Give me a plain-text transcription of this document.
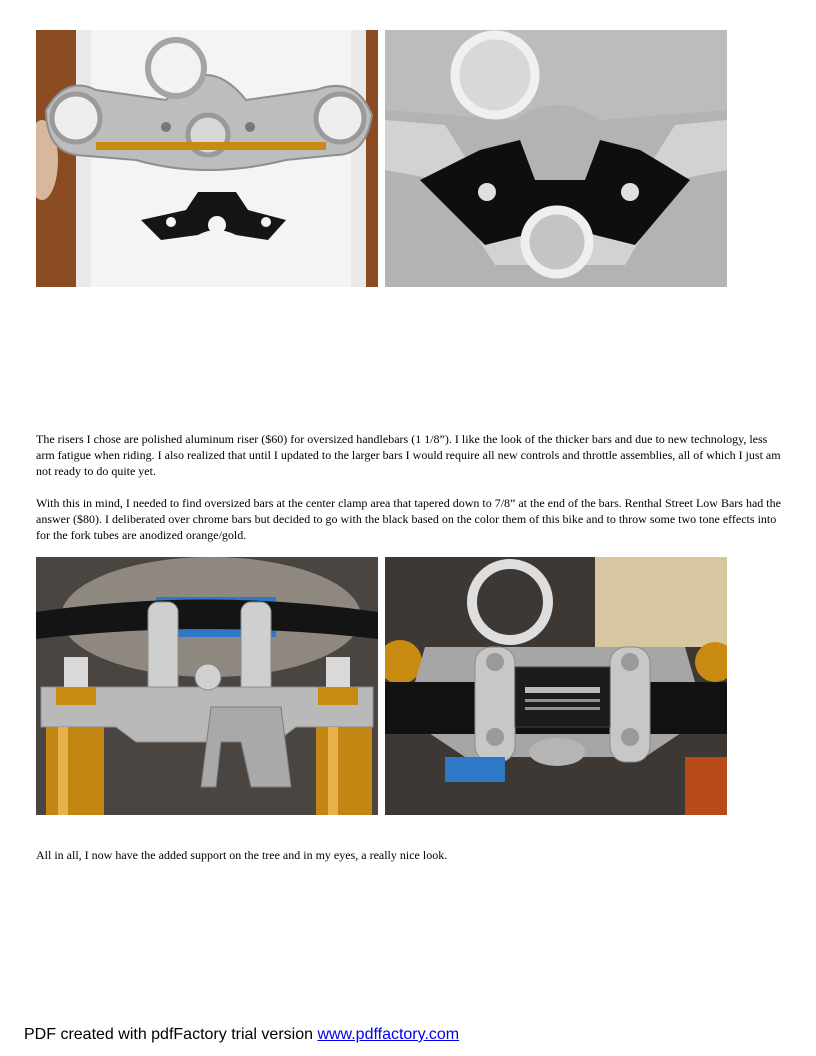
The risers I chose are polished aluminum riser ($60) for oversized handlebars (1 1/8”). I like the look of the thicker bars and due to new technology, less arm fatigue when riding. I also realized that until I updated to the larger bars I would require all new controls and throttle assemblies, all of which I just am not ready to do quite yet.

With this in mind, I needed to find oversized bars at the center clamp area that tapered down to 7/8” at the end of the bars. Renthal Street Low Bars had the answer ($80). I deliberated over chrome bars but decided to go with the black based on the color them of this bike and to throw some two tone effects into for the fork tubes are anodized orange/gold.

All in all, I now have the added support on the tree and in my eyes, a really nice look.

PDF created with pdfFactory trial version www.pdffactory.com
